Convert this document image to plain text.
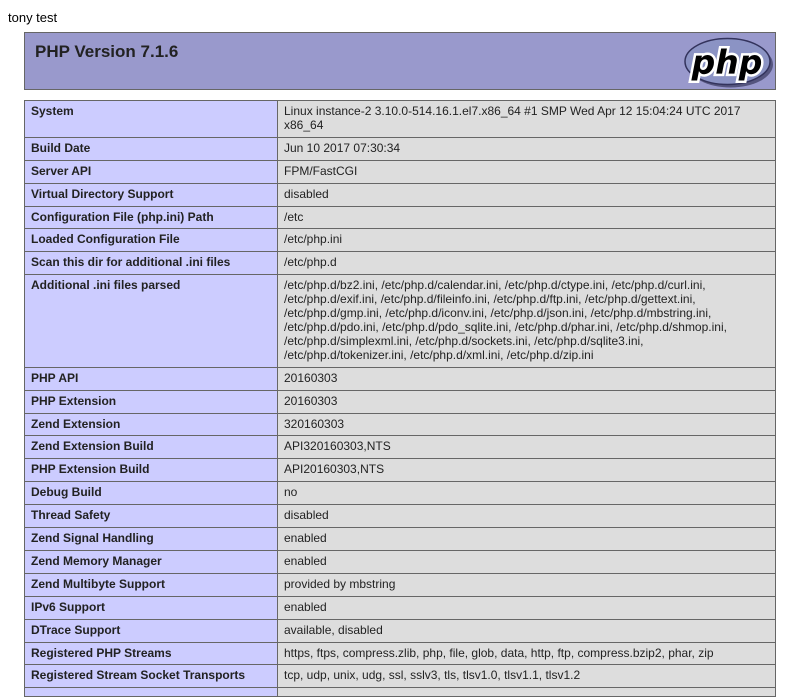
tony test
PHP Version 7.1.6	php
System	Linux instance-2 3.10.0-514.16.1.el7.x86_64 #1 SMP Wed Apr 12 15:04:24 UTC 2017 x86_64
Build Date	Jun 10 2017 07:30:34
Server API	FPM/FastCGI
Virtual Directory Support	disabled
Configuration File (php.ini) Path	/etc
Loaded Configuration File	/etc/php.ini
Scan this dir for additional .ini files	/etc/php.d
Additional .ini files parsed	/etc/php.d/bz2.ini, /etc/php.d/calendar.ini, /etc/php.d/ctype.ini, /etc/php.d/curl.ini, /etc/php.d/exif.ini, /etc/php.d/fileinfo.ini, /etc/php.d/ftp.ini, /etc/php.d/gettext.ini, /etc/php.d/gmp.ini, /etc/php.d/iconv.ini, /etc/php.d/json.ini, /etc/php.d/mbstring.ini, /etc/php.d/pdo.ini, /etc/php.d/pdo_sqlite.ini, /etc/php.d/phar.ini, /etc/php.d/shmop.ini, /etc/php.d/simplexml.ini, /etc/php.d/sockets.ini, /etc/php.d/sqlite3.ini, /etc/php.d/tokenizer.ini, /etc/php.d/xml.ini, /etc/php.d/zip.ini
PHP API	20160303
PHP Extension	20160303
Zend Extension	320160303
Zend Extension Build	API320160303,NTS
PHP Extension Build	API20160303,NTS
Debug Build	no
Thread Safety	disabled
Zend Signal Handling	enabled
Zend Memory Manager	enabled
Zend Multibyte Support	provided by mbstring
IPv6 Support	enabled
DTrace Support	available, disabled
Registered PHP Streams	https, ftps, compress.zlib, php, file, glob, data, http, ftp, compress.bzip2, phar, zip
Registered Stream Socket Transports	tcp, udp, unix, udg, ssl, sslv3, tls, tlsv1.0, tlsv1.1, tlsv1.2
